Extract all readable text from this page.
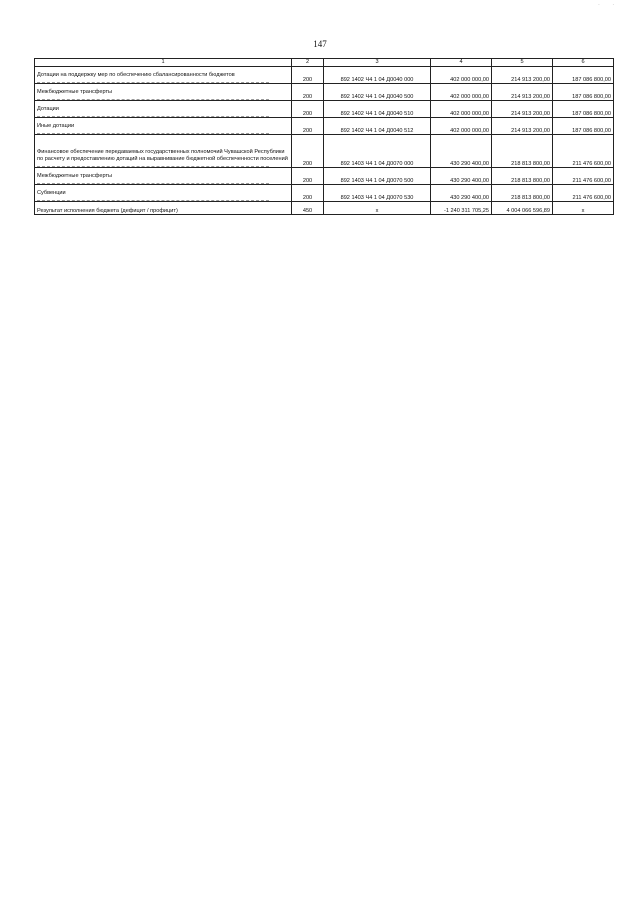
·         ·
147
1	2	3	4	5	6

Дотации на поддержку мер по обеспечению сбалансированности бюджетов	200	892 1402 Ч4 1 04 Д0040 000	402 000 000,00	214 913 200,00	187 086 800,00

Межбюджетные трансферты	200	892 1402 Ч4 1 04 Д0040 500	402 000 000,00	214 913 200,00	187 086 800,00

Дотации	200	892 1402 Ч4 1 04 Д0040 510	402 000 000,00	214 913 200,00	187 086 800,00

Иные дотации	200	892 1402 Ч4 1 04 Д0040 512	402 000 000,00	214 913 200,00	187 086 800,00

Финансовое обеспечение передаваемых государственных полномочий Чувашской Республики по расчету и предоставлению дотаций на выравнивание бюджетной обеспеченности поселений	200	892 1403 Ч4 1 04 Д0070 000	430 290 400,00	218 813 800,00	211 476 600,00

Межбюджетные трансферты	200	892 1403 Ч4 1 04 Д0070 500	430 290 400,00	218 813 800,00	211 476 600,00

Субвенции	200	892 1403 Ч4 1 04 Д0070 530	430 290 400,00	218 813 800,00	211 476 600,00

Результат исполнения бюджета (дефицит / профицит)	450	x	-1 240 311 705,25	4 004 066 596,89	x
